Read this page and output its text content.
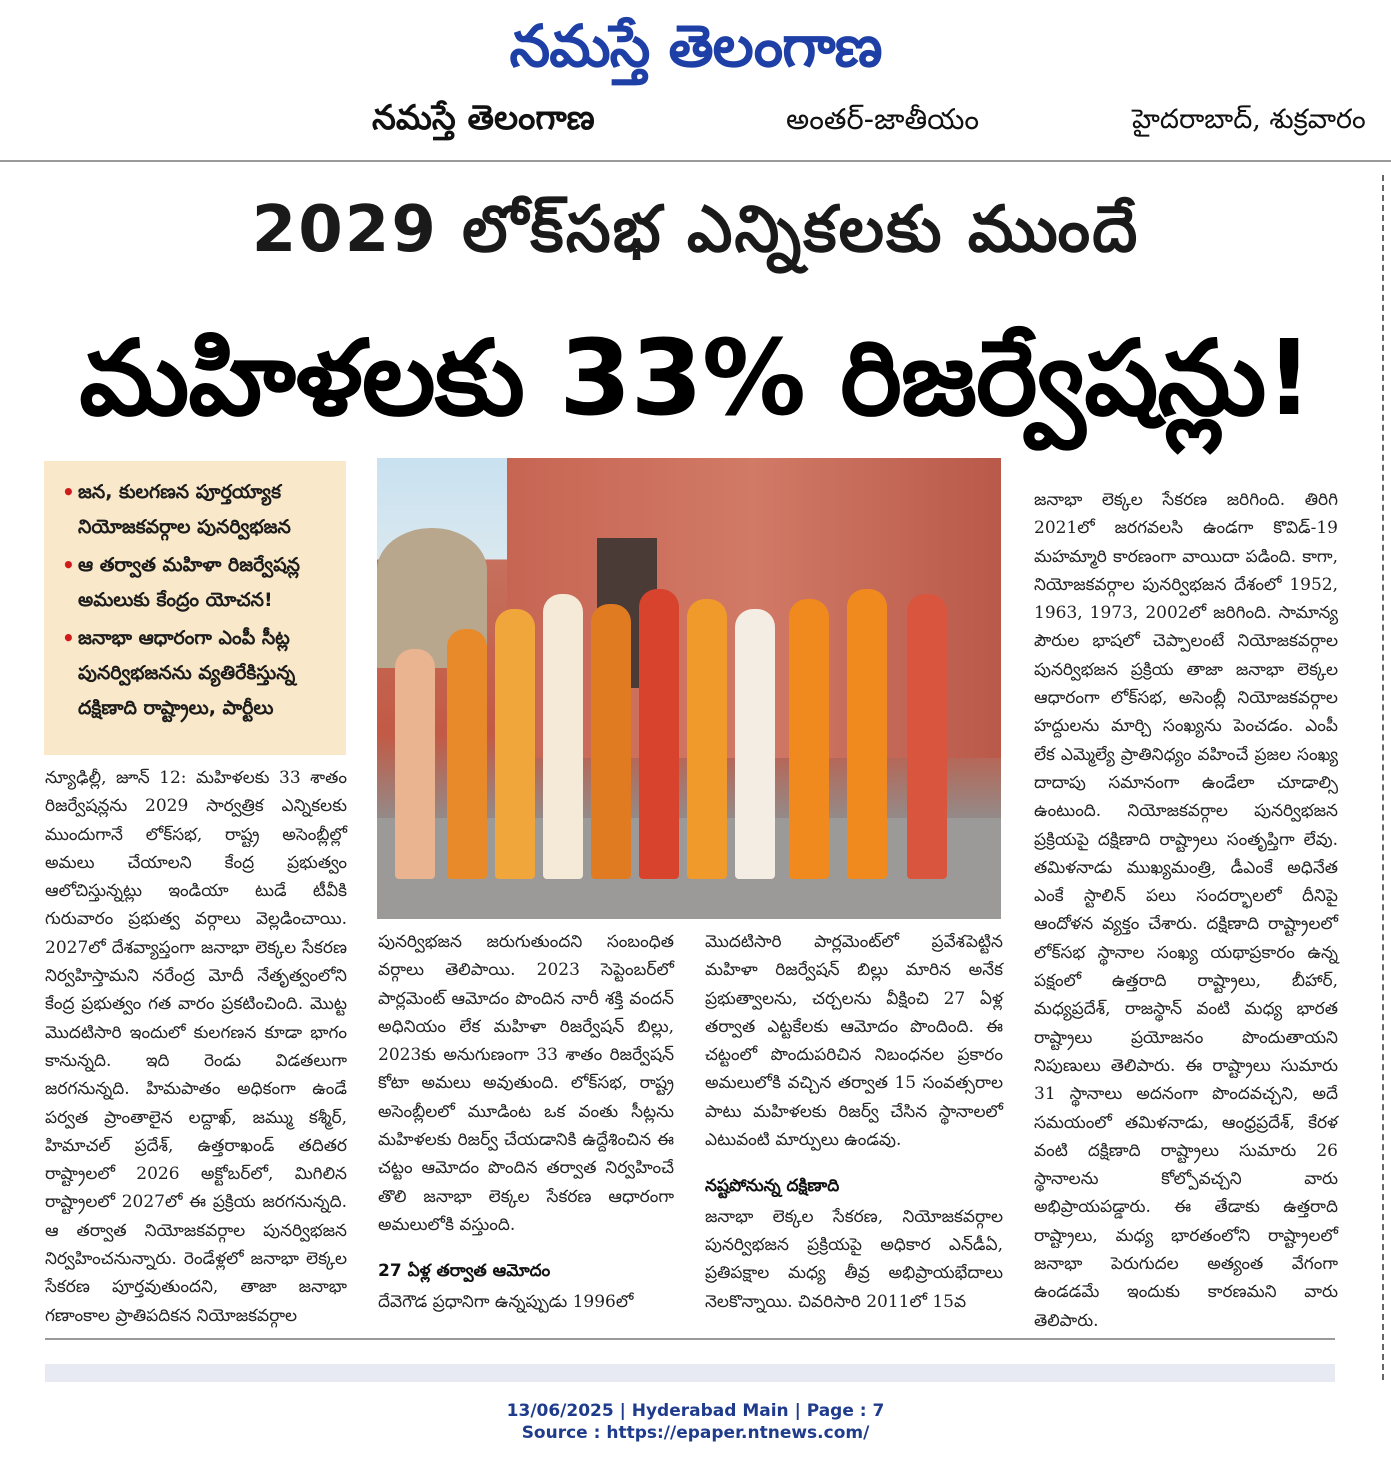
నమస్తే తెలంగాణ
నమస్తే తెలంగాణ	అంతర్-జాతీయం	హైదరాబాద్, శుక్రవారం
2029 లోక్‌సభ ఎన్నికలకు ముందే
మహిళలకు 33% రిజర్వేషన్లు!
• జన, కులగణన పూర్తయ్యాక నియోజకవర్గాల పునర్విభజన
• ఆ తర్వాత మహిళా రిజర్వేషన్ల అమలుకు కేంద్రం యోచన!
• జనాభా ఆధారంగా ఎంపీ సీట్ల పునర్విభజనను వ్యతిరేకిస్తున్న దక్షిణాది రాష్ట్రాలు, పార్టీలు

న్యూఢిల్లీ, జూన్ 12: మహిళలకు 33 శాతం రిజర్వేషన్లను 2029 సార్వత్రిక ఎన్నికలకు ముందుగానే లోక్‌సభ, రాష్ట్ర అసెంబ్లీల్లో అమలు చేయాలని కేంద్ర ప్రభుత్వం ఆలోచిస్తున్నట్లు ఇండియా టుడే టీవీకి గురువారం ప్రభుత్వ వర్గాలు వెల్లడించాయి. 2027లో దేశవ్యాప్తంగా జనాభా లెక్కల సేకరణ నిర్వహిస్తామని నరేంద్ర మోదీ నేతృత్వంలోని కేంద్ర ప్రభుత్వం గత వారం ప్రకటించింది. మొట్ట మొదటిసారి ఇందులో కులగణన కూడా భాగం కానున్నది. ఇది రెండు విడతలుగా జరగనున్నది. హిమపాతం అధికంగా ఉండే పర్వత ప్రాంతాలైన లద్దాఖ్, జమ్ము కశ్మీర్, హిమాచల్ ప్రదేశ్, ఉత్తరాఖండ్ తదితర రాష్ట్రాలలో 2026 అక్టోబర్‌లో, మిగిలిన రాష్ట్రాలలో 2027లో ఈ ప్రక్రియ జరగనున్నది. ఆ తర్వాత నియోజకవర్గాల పునర్విభజన నిర్వహించనున్నారు. రెండేళ్లలో జనాభా లెక్కల సేకరణ పూర్తవుతుందని, తాజా జనాభా గణాంకాల ప్రాతిపదికన నియోజకవర్గాల

పునర్విభజన జరుగుతుందని సంబంధిత వర్గాలు తెలిపాయి. 2023 సెప్టెంబర్‌లో పార్లమెంట్ ఆమోదం పొందిన నారీ శక్తి వందన్ అధినియం లేక మహిళా రిజర్వేషన్ బిల్లు, 2023కు అనుగుణంగా 33 శాతం రిజర్వేషన్ కోటా అమలు అవుతుంది. లోక్‌సభ, రాష్ట్ర అసెంబ్లీలలో మూడింట ఒక వంతు సీట్లను మహిళలకు రిజర్వ్ చేయడానికి ఉద్దేశించిన ఈ చట్టం ఆమోదం పొందిన తర్వాత నిర్వహించే తొలి జనాభా లెక్కల సేకరణ ఆధారంగా అమలులోకి వస్తుంది.

27 ఏళ్ల తర్వాత ఆమోదం

దేవెగౌడ ప్రధానిగా ఉన్నప్పుడు 1996లో

మొదటిసారి పార్లమెంట్‌లో ప్రవేశపెట్టిన మహిళా రిజర్వేషన్ బిల్లు మారిన అనేక ప్రభుత్వాలను, చర్చలను వీక్షించి 27 ఏళ్ల తర్వాత ఎట్టకేలకు ఆమోదం పొందింది. ఈ చట్టంలో పొందుపరిచిన నిబంధనల ప్రకారం అమలులోకి వచ్చిన తర్వాత 15 సంవత్సరాల పాటు మహిళలకు రిజర్వ్ చేసిన స్థానాలలో ఎటువంటి మార్పులు ఉండవు.

నష్టపోనున్న దక్షిణాది

జనాభా లెక్కల సేకరణ, నియోజకవర్గాల పునర్విభజన ప్రక్రియపై అధికార ఎన్‌డీఏ, ప్రతిపక్షాల మధ్య తీవ్ర అభిప్రాయభేదాలు నెలకొన్నాయి. చివరిసారి 2011లో 15వ

జనాభా లెక్కల సేకరణ జరిగింది. తిరిగి 2021లో జరగవలసి ఉండగా కొవిడ్-19 మహమ్మారి కారణంగా వాయిదా పడింది. కాగా, నియోజకవర్గాల పునర్విభజన దేశంలో 1952, 1963, 1973, 2002లో జరిగింది. సామాన్య పౌరుల భాషలో చెప్పాలంటే నియోజకవర్గాల పునర్విభజన ప్రక్రియ తాజా జనాభా లెక్కల ఆధారంగా లోక్‌సభ, అసెంబ్లీ నియోజకవర్గాల హద్దులను మార్చి సంఖ్యను పెంచడం. ఎంపీ లేక ఎమ్మెల్యే ప్రాతినిధ్యం వహించే ప్రజల సంఖ్య దాదాపు సమానంగా ఉండేలా చూడాల్సి ఉంటుంది. నియోజకవర్గాల పునర్విభజన ప్రక్రియపై దక్షిణాది రాష్ట్రాలు సంతృప్తిగా లేవు. తమిళనాడు ముఖ్యమంత్రి, డీఎంకే అధినేత ఎంకే స్టాలిన్ పలు సందర్భాలలో దీనిపై ఆందోళన వ్యక్తం చేశారు. దక్షిణాది రాష్ట్రాలలో లోక్‌సభ స్థానాల సంఖ్య యథాప్రకారం ఉన్న పక్షంలో ఉత్తరాది రాష్ట్రాలు, బీహార్, మధ్యప్రదేశ్, రాజస్థాన్ వంటి మధ్య భారత రాష్ట్రాలు ప్రయోజనం పొందుతాయని నిపుణులు తెలిపారు. ఈ రాష్ట్రాలు సుమారు 31 స్థానాలు అదనంగా పొందవచ్చని, అదే సమయంలో తమిళనాడు, ఆంధ్రప్రదేశ్, కేరళ వంటి దక్షిణాది రాష్ట్రాలు సుమారు 26 స్థానాలను కోల్పోవచ్చని వారు అభిప్రాయపడ్డారు. ఈ తేడాకు ఉత్తరాది రాష్ట్రాలు, మధ్య భారతంలోని రాష్ట్రాలలో జనాభా పెరుగుదల అత్యంత వేగంగా ఉండడమే ఇందుకు కారణమని వారు తెలిపారు.

13/06/2025 | Hyderabad Main | Page : 7
Source : https://epaper.ntnews.com/
